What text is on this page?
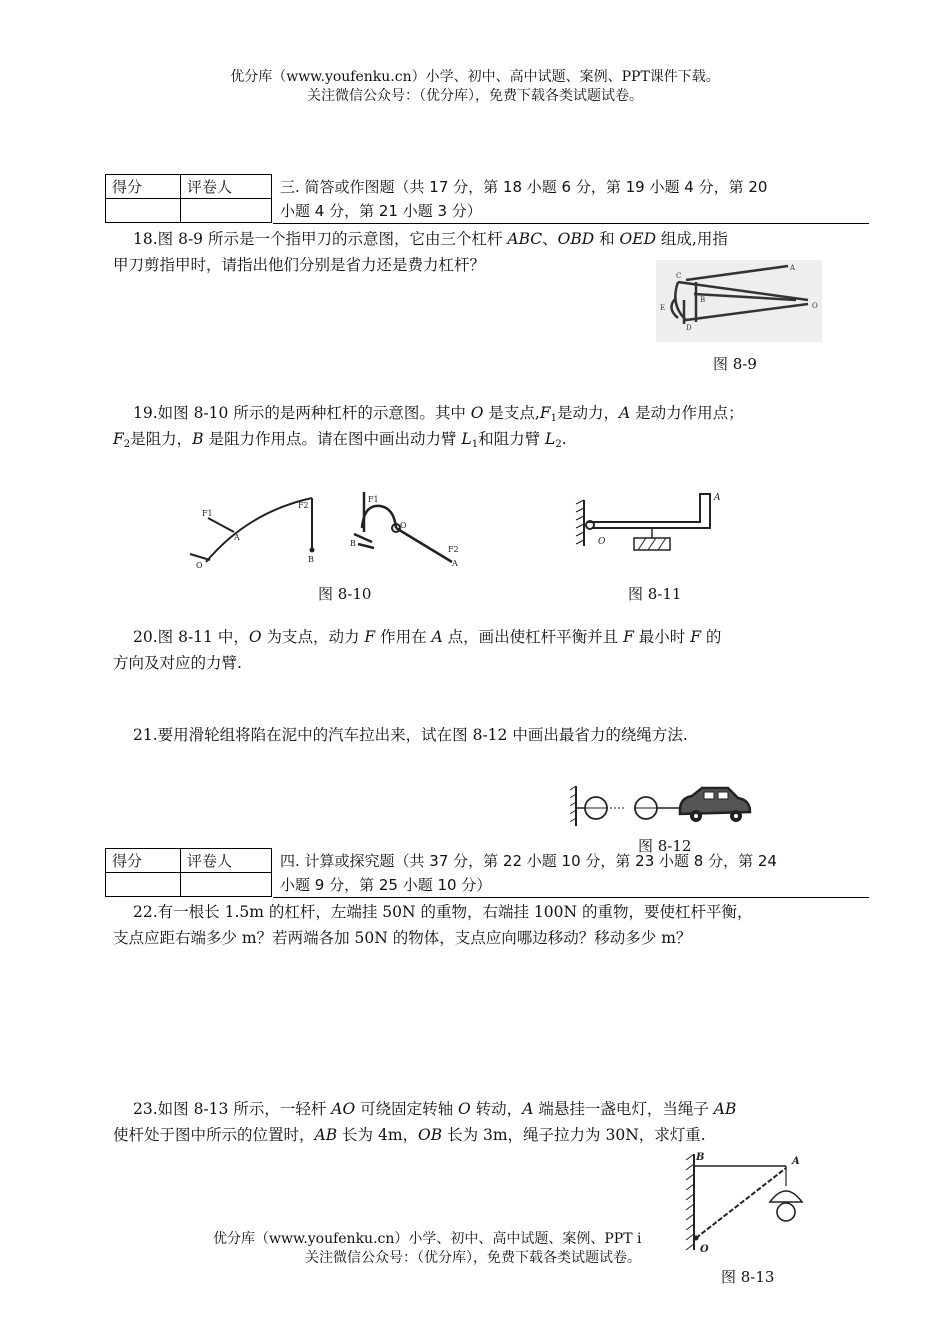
优分库（www.youfenku.cn）小学、初中、高中试题、案例、PPT课件下载。
关注微信公众号：（优分库），免费下载各类试题试卷。
得分	评卷人	三. 简答或作图题（共 17 分，第 18 小题 6 分，第 19 小题 4 分，第 20
小题 4 分，第 21 小题 3 分）

18.图 8-9 所示是一个指甲刀的示意图，它由三个杠杆 ABC、OBD 和 OED 组成,用指
甲刀剪指甲时，请指出他们分别是省力还是费力杠杆？	A
B
C
D
E	O
图 8-9
19.如图 8-10 所示的是两种杠杆的示意图。其中 O 是支点$,F_1$是动力，A 是动力作用点；
$F_2$是阻力，B 是阻力作用点。请在图中画出动力臂 $L_1$和阻力臂 $L_2$.
F1
A
O
F2
B
F1
O
F2
A
B	O
A
图 8-10	图 8-11
20.图 8-11 中，O 为支点，动力 F 作用在 A 点，画出使杠杆平衡并且 F 最小时 F 的
方向及对应的力臂.
21.要用滑轮组将陷在泥中的汽车拉出来，试在图 8-12 中画出最省力的绕绳方法.
图 8-12
得分	评卷人	四. 计算或探究题（共 37 分，第 22 小题 10 分，第 23 小题 8 分，第 24
小题 9 分，第 25 小题 10 分）

22.有一根长 1.5m 的杠杆，左端挂 50N 的重物，右端挂 100N 的重物，要使杠杆平衡，
支点应距右端多少 m？若两端各加 50N 的物体，支点应向哪边移动？移动多少 m？
23.如图 8-13 所示，一轻杆 AO 可绕固定转轴 O 转动，A 端悬挂一盏电灯，当绳子 AB
使杆处于图中所示的位置时，AB 长为 4m，OB 长为 3m，绳子拉力为 30N，求灯重.
B	A
O
优分库（www.youfenku.cn）小学、初中、高中试题、案例、PPT i
关注微信公众号：（优分库），免费下载各类试题试卷。
图 8-13
